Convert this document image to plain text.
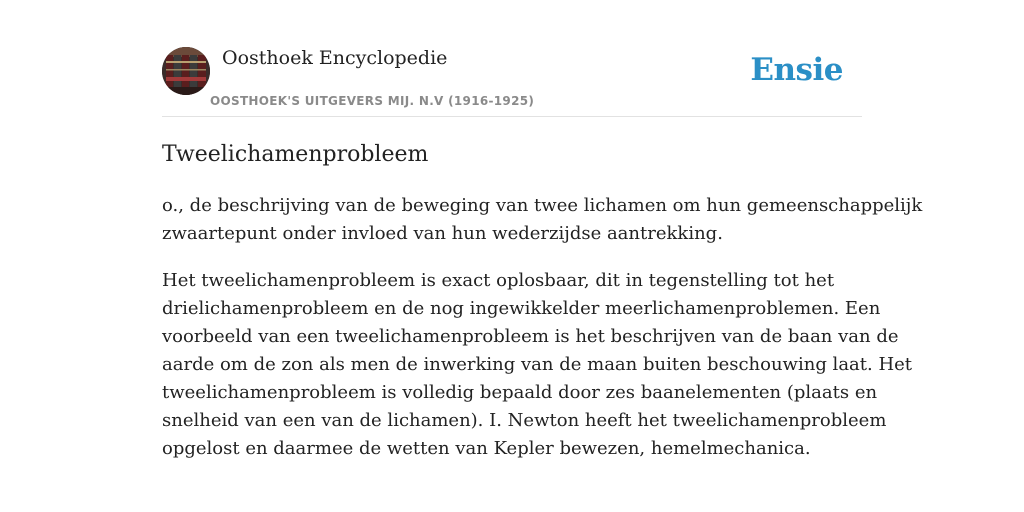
Oosthoek Encyclopedie
OOSTHOEK'S UITGEVERS MIJ. N.V (1916-1925)
Ensie
Tweelichamenprobleem

o., de beschrijving van de beweging van twee lichamen om hun gemeenschappelijk
zwaartepunt onder invloed van hun wederzijdse aantrekking.

Het tweelichamenprobleem is exact oplosbaar, dit in tegenstelling tot het
drielichamenprobleem en de nog ingewikkelder meerlichamenproblemen. Een
voorbeeld van een tweelichamenprobleem is het beschrijven van de baan van de
aarde om de zon als men de inwerking van de maan buiten beschouwing laat. Het
tweelichamenprobleem is volledig bepaald door zes baanelementen (plaats en
snelheid van een van de lichamen). I. Newton heeft het tweelichamenprobleem
opgelost en daarmee de wetten van Kepler bewezen, hemelmechanica.
